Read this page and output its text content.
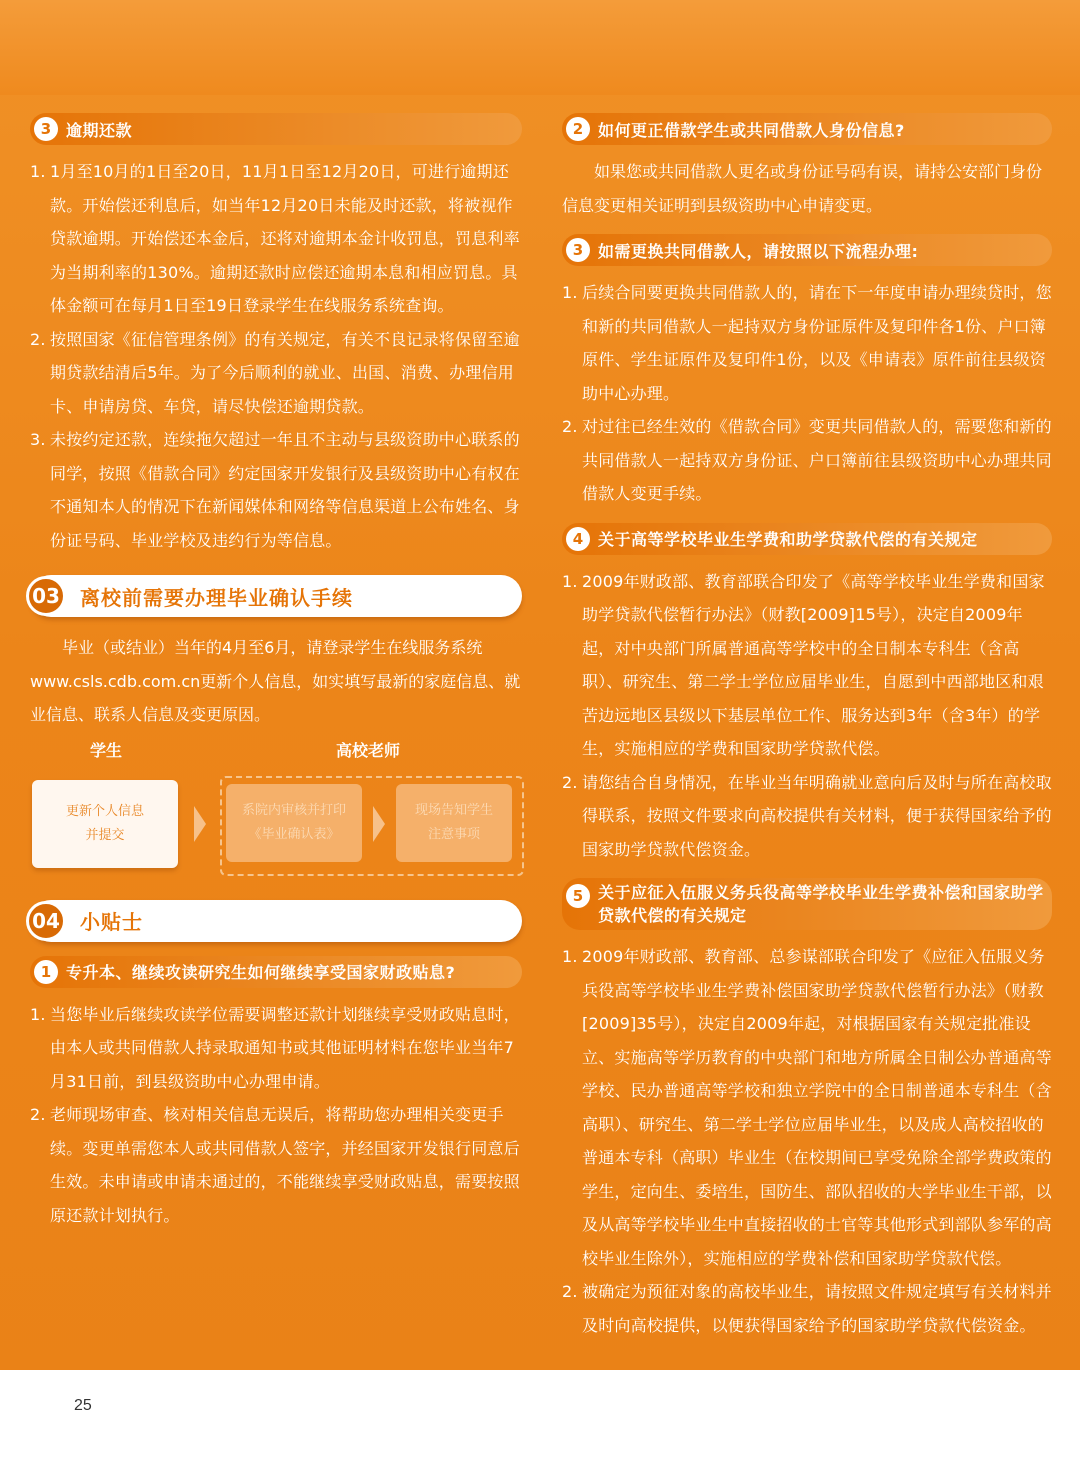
3 逾期还款
1. 1月至10月的1日至20日，11月1日至12月20日，可进行逾期还款。开始偿还利息后，如当年12月20日未能及时还款，将被视作贷款逾期。开始偿还本金后，还将对逾期本金计收罚息，罚息利率为当期利率的130%。逾期还款时应偿还逾期本息和相应罚息。具体金额可在每月1日至19日登录学生在线服务系统查询。
2. 按照国家《征信管理条例》的有关规定，有关不良记录将保留至逾期贷款结清后5年。为了今后顺利的就业、出国、消费、办理信用卡、申请房贷、车贷，请尽快偿还逾期贷款。
3. 未按约定还款，连续拖欠超过一年且不主动与县级资助中心联系的同学，按照《借款合同》约定国家开发银行及县级资助中心有权在不通知本人的情况下在新闻媒体和网络等信息渠道上公布姓名、身份证号码、毕业学校及违约行为等信息。
03	离校前需要办理毕业确认手续

毕业（或结业）当年的4月至6月，请登录学生在线服务系统www.csls.cdb.com.cn更新个人信息，如实填写最新的家庭信息、就业信息、联系人信息及变更原因。

学生	高校老师
更新个人信息
并提交
系院内审核并打印
《毕业确认表》
现场告知学生
注意事项
04	小贴士
1 专升本、继续攻读研究生如何继续享受国家财政贴息?
1. 当您毕业后继续攻读学位需要调整还款计划继续享受财政贴息时，由本人或共同借款人持录取通知书或其他证明材料在您毕业当年7月31日前，到县级资助中心办理申请。
2. 老师现场审查、核对相关信息无误后，将帮助您办理相关变更手续。变更单需您本人或共同借款人签字，并经国家开发银行同意后生效。未申请或申请未通过的，不能继续享受财政贴息，需要按照原还款计划执行。
2 如何更正借款学生或共同借款人身份信息?

如果您或共同借款人更名或身份证号码有误，请持公安部门身份信息变更相关证明到县级资助中心申请变更。

3 如需更换共同借款人，请按照以下流程办理:
1. 后续合同要更换共同借款人的，请在下一年度申请办理续贷时，您和新的共同借款人一起持双方身份证原件及复印件各1份、户口簿原件、学生证原件及复印件1份，以及《申请表》原件前往县级资助中心办理。
2. 对过往已经生效的《借款合同》变更共同借款人的，需要您和新的共同借款人一起持双方身份证、户口簿前往县级资助中心办理共同借款人变更手续。
4 关于高等学校毕业生学费和助学贷款代偿的有关规定
1. 2009年财政部、教育部联合印发了《高等学校毕业生学费和国家助学贷款代偿暂行办法》（财教[2009]15号），决定自2009年起，对中央部门所属普通高等学校中的全日制本专科生（含高职）、研究生、第二学士学位应届毕业生，自愿到中西部地区和艰苦边远地区县级以下基层单位工作、服务达到3年（含3年）的学生，实施相应的学费和国家助学贷款代偿。
2. 请您结合自身情况，在毕业当年明确就业意向后及时与所在高校取得联系，按照文件要求向高校提供有关材料，便于获得国家给予的国家助学贷款代偿资金。
5 关于应征入伍服义务兵役高等学校毕业生学费补偿和国家助学
贷款代偿的有关规定
1. 2009年财政部、教育部、总参谋部联合印发了《应征入伍服义务兵役高等学校毕业生学费补偿国家助学贷款代偿暂行办法》（财教[2009]35号），决定自2009年起，对根据国家有关规定批准设立、实施高等学历教育的中央部门和地方所属全日制公办普通高等学校、民办普通高等学校和独立学院中的全日制普通本专科生（含高职）、研究生、第二学士学位应届毕业生，以及成人高校招收的普通本专科（高职）毕业生（在校期间已享受免除全部学费政策的学生，定向生、委培生，国防生、部队招收的大学毕业生干部，以及从高等学校毕业生中直接招收的士官等其他形式到部队参军的高校毕业生除外），实施相应的学费补偿和国家助学贷款代偿。
2. 被确定为预征对象的高校毕业生，请按照文件规定填写有关材料并及时向高校提供，以便获得国家给予的国家助学贷款代偿资金。
25
